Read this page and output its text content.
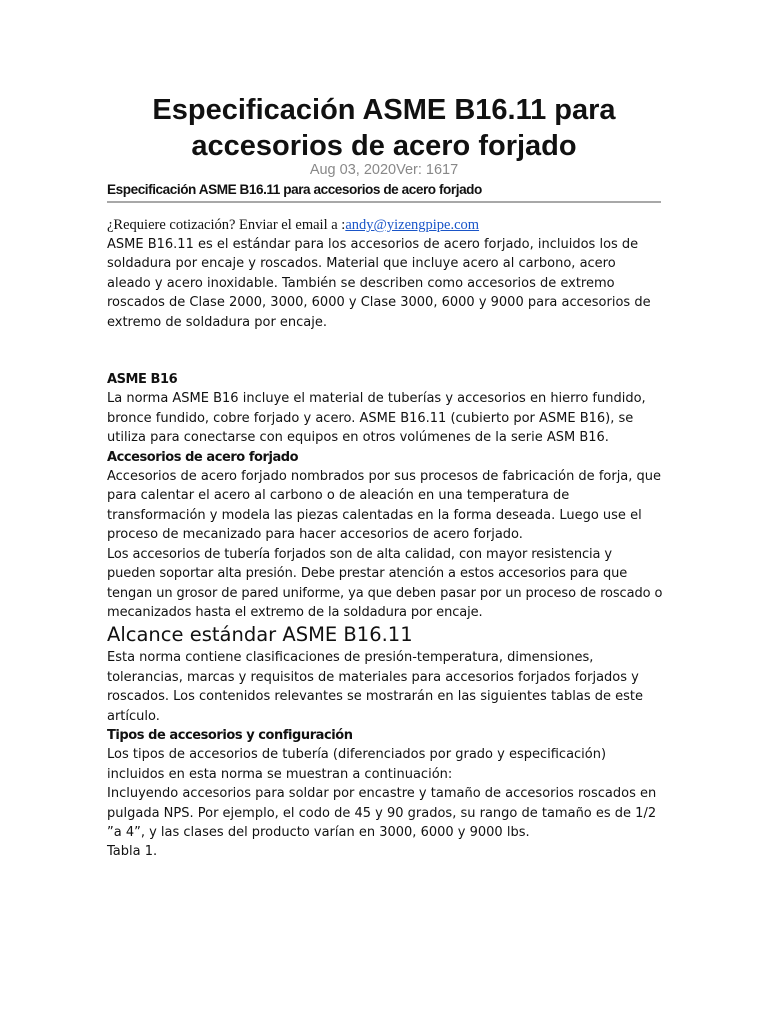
Especificación ASME B16.11 para accesorios de acero forjado
Aug 03, 2020Ver: 1617
Especificación ASME B16.11 para accesorios de acero forjado

¿Requiere cotización? Enviar el email a :andy@yizengpipe.com

ASME B16.11 es el estándar para los accesorios de acero forjado, incluidos los de soldadura por encaje y roscados. Material que incluye acero al carbono, acero aleado y acero inoxidable. También se describen como accesorios de extremo roscados de Clase 2000, 3000, 6000 y Clase 3000, 6000 y 9000 para accesorios de extremo de soldadura por encaje.

ASME B16

La norma ASME B16 incluye el material de tuberías y accesorios en hierro fundido, bronce fundido, cobre forjado y acero. ASME B16.11 (cubierto por ASME B16), se utiliza para conectarse con equipos en otros volúmenes de la serie ASM B16.

Accesorios de acero forjado

Accesorios de acero forjado nombrados por sus procesos de fabricación de forja, que para calentar el acero al carbono o de aleación en una temperatura de transformación y modela las piezas calentadas en la forma deseada. Luego use el proceso de mecanizado para hacer accesorios de acero forjado.

Los accesorios de tubería forjados son de alta calidad, con mayor resistencia y pueden soportar alta presión. Debe prestar atención a estos accesorios para que tengan un grosor de pared uniforme, ya que deben pasar por un proceso de roscado o mecanizados hasta el extremo de la soldadura por encaje.

Alcance estándar ASME B16.11

Esta norma contiene clasificaciones de presión-temperatura, dimensiones, tolerancias, marcas y requisitos de materiales para accesorios forjados forjados y roscados. Los contenidos relevantes se mostrarán en las siguientes tablas de este artículo.

Tipos de accesorios y configuración

Los tipos de accesorios de tubería (diferenciados por grado y especificación) incluidos en esta norma se muestran a continuación:

Incluyendo accesorios para soldar por encastre y tamaño de accesorios roscados en pulgada NPS. Por ejemplo, el codo de 45 y 90 grados, su rango de tamaño es de 1/2 ”a 4”, y las clases del producto varían en 3000, 6000 y 9000 lbs.

Tabla 1.
